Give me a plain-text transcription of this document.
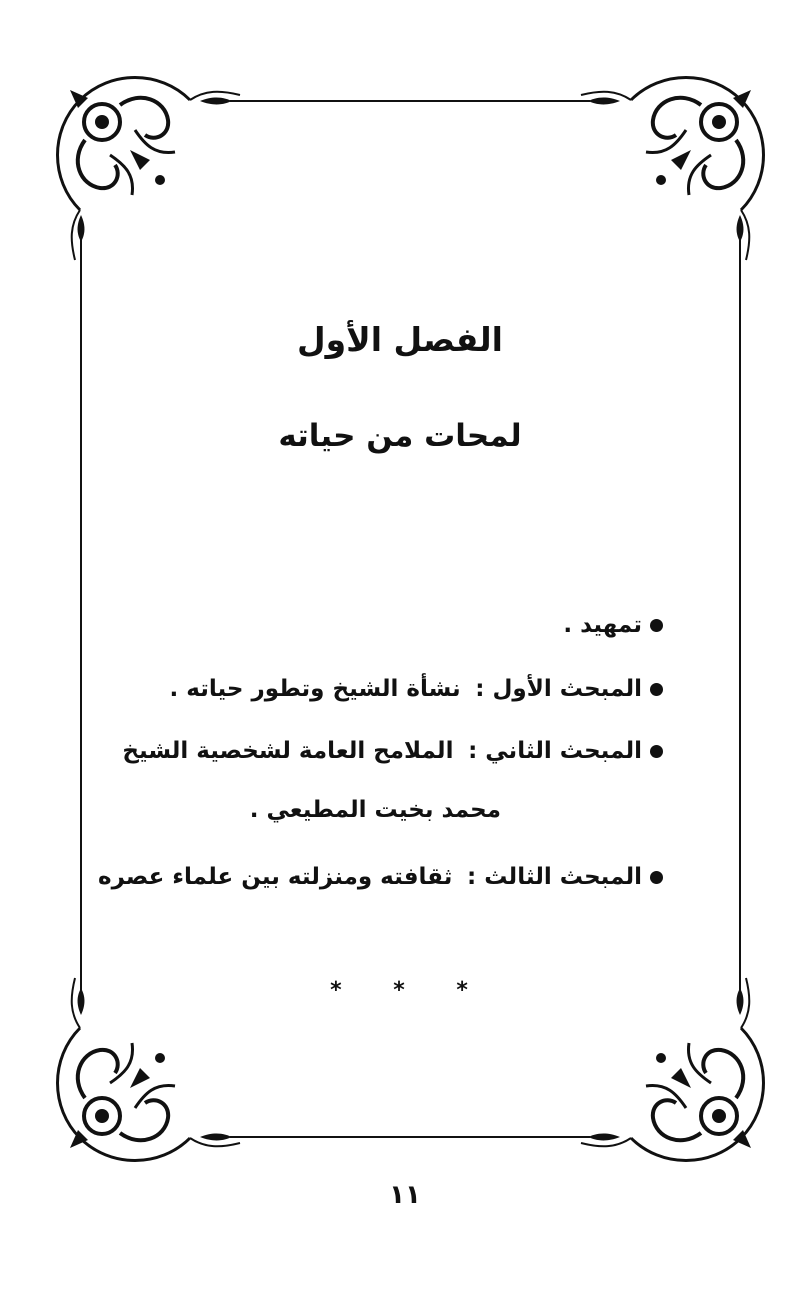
الفصل الأول
لمحات من حياته
تمهيد .
المبحث الأول :  نشأة الشيخ وتطور حياته .
المبحث الثاني :  الملامح العامة لشخصية الشيخ
محمد بخيت المطيعي .
المبحث الثالث :  ثقافته ومنزلته بين علماء عصره
* * *
١١
